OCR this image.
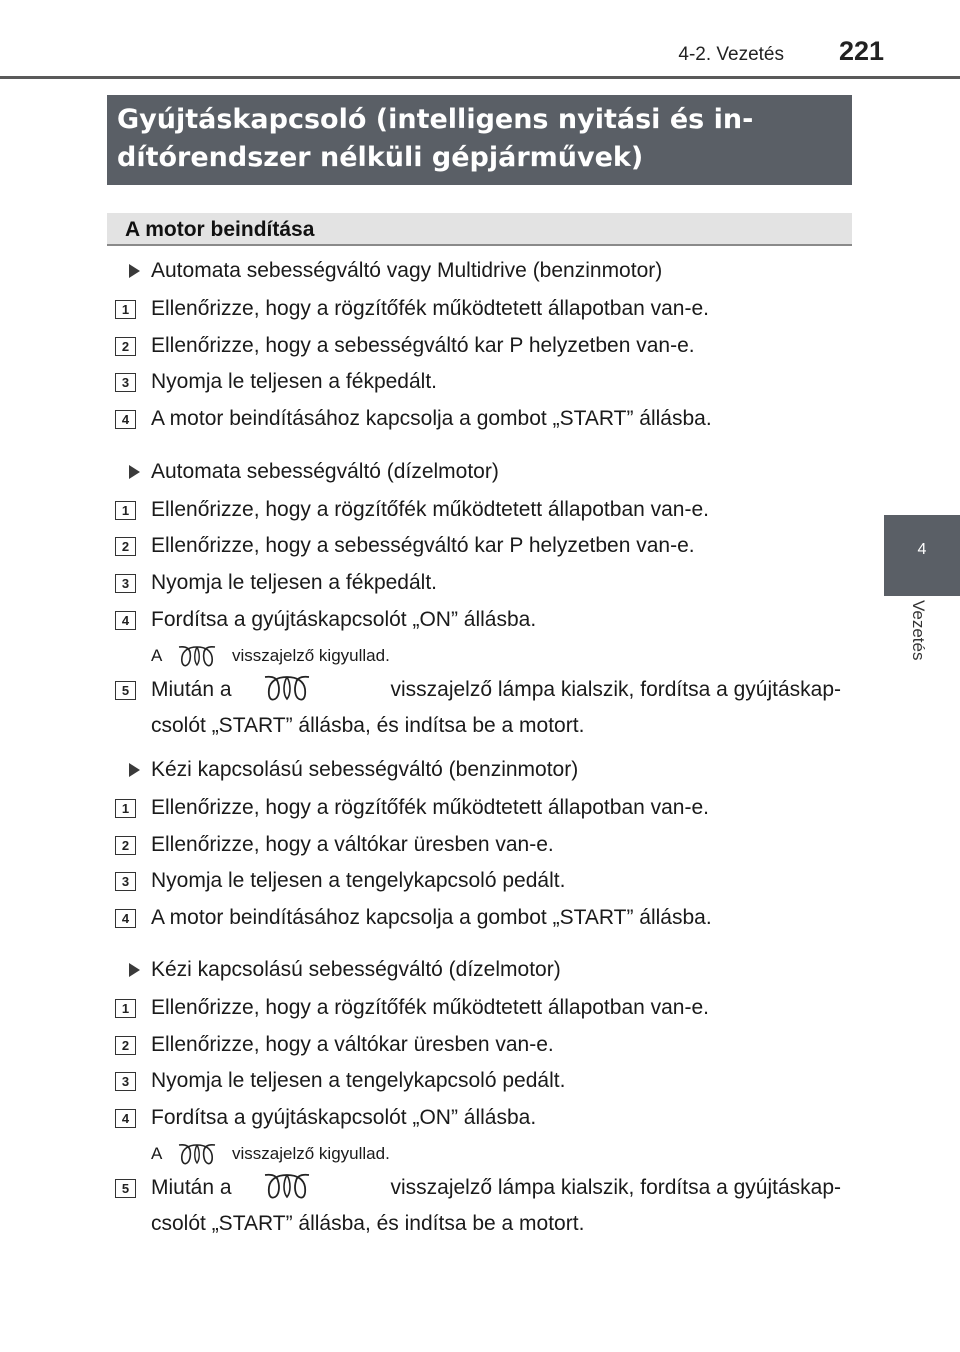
4-2. Vezetés 221
4
Vezetés
Gyújtáskapcsoló (intelligens nyitási és in-
dítórendszer nélküli gépjárművek)
A motor beindítása
Automata sebességváltó vagy Multidrive (benzinmotor)
1	Ellenőrizze, hogy a rögzítőfék működtetett állapotban van-e.
2	Ellenőrizze, hogy a sebességváltó kar P helyzetben van-e.
3	Nyomja le teljesen a fékpedált.
4	A motor beindításához kapcsolja a gombot „START” állásba.
Automata sebességváltó (dízelmotor)
1	Ellenőrizze, hogy a rögzítőfék működtetett állapotban van-e.
2	Ellenőrizze, hogy a sebességváltó kar P helyzetben van-e.
3	Nyomja le teljesen a fékpedált.
4	Fordítsa a gyújtáskapcsolót „ON” állásba.
A	visszajelző kigyullad.
5	Miután a	visszajelző lámpa kialszik, fordítsa a gyújtáskap-
csolót „START” állásba, és indítsa be a motort.
Kézi kapcsolású sebességváltó (benzinmotor)
1	Ellenőrizze, hogy a rögzítőfék működtetett állapotban van-e.
2	Ellenőrizze, hogy a váltókar üresben van-e.
3	Nyomja le teljesen a tengelykapcsoló pedált.
4	A motor beindításához kapcsolja a gombot „START” állásba.
Kézi kapcsolású sebességváltó (dízelmotor)
1	Ellenőrizze, hogy a rögzítőfék működtetett állapotban van-e.
2	Ellenőrizze, hogy a váltókar üresben van-e.
3	Nyomja le teljesen a tengelykapcsoló pedált.
4	Fordítsa a gyújtáskapcsolót „ON” állásba.
A	visszajelző kigyullad.
5	Miután a	visszajelző lámpa kialszik, fordítsa a gyújtáskap-
csolót „START” állásba, és indítsa be a motort.
